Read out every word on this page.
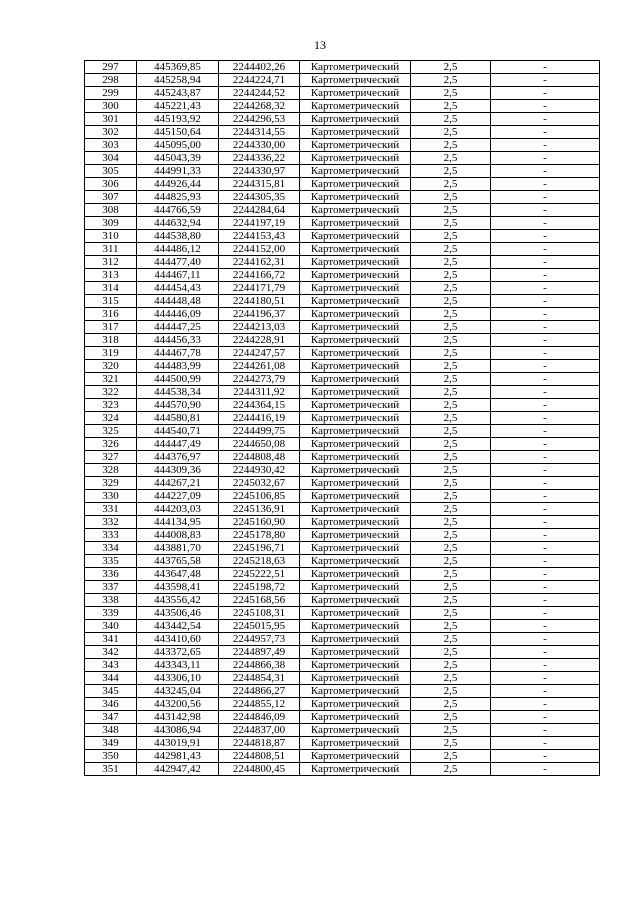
13
297	445369,85	2244402,26	Картометрический	2,5	-
298	445258,94	2244224,71	Картометрический	2,5	-
299	445243,87	2244244,52	Картометрический	2,5	-
300	445221,43	2244268,32	Картометрический	2,5	-
301	445193,92	2244296,53	Картометрический	2,5	-
302	445150,64	2244314,55	Картометрический	2,5	-
303	445095,00	2244330,00	Картометрический	2,5	-
304	445043,39	2244336,22	Картометрический	2,5	-
305	444991,33	2244330,97	Картометрический	2,5	-
306	444926,44	2244315,81	Картометрический	2,5	-
307	444825,93	2244305,35	Картометрический	2,5	-
308	444766,59	2244284,64	Картометрический	2,5	-
309	444632,94	2244197,19	Картометрический	2,5	-
310	444538,80	2244153,43	Картометрический	2,5	-
311	444486,12	2244152,00	Картометрический	2,5	-
312	444477,40	2244162,31	Картометрический	2,5	-
313	444467,11	2244166,72	Картометрический	2,5	-
314	444454,43	2244171,79	Картометрический	2,5	-
315	444448,48	2244180,51	Картометрический	2,5	-
316	444446,09	2244196,37	Картометрический	2,5	-
317	444447,25	2244213,03	Картометрический	2,5	-
318	444456,33	2244228,91	Картометрический	2,5	-
319	444467,78	2244247,57	Картометрический	2,5	-
320	444483,99	2244261,08	Картометрический	2,5	-
321	444500,99	2244273,79	Картометрический	2,5	-
322	444538,34	2244311,92	Картометрический	2,5	-
323	444570,90	2244364,15	Картометрический	2,5	-
324	444580,81	2244416,19	Картометрический	2,5	-
325	444540,71	2244499,75	Картометрический	2,5	-
326	444447,49	2244650,08	Картометрический	2,5	-
327	444376,97	2244808,48	Картометрический	2,5	-
328	444309,36	2244930,42	Картометрический	2,5	-
329	444267,21	2245032,67	Картометрический	2,5	-
330	444227,09	2245106,85	Картометрический	2,5	-
331	444203,03	2245136,91	Картометрический	2,5	-
332	444134,95	2245160,90	Картометрический	2,5	-
333	444008,83	2245178,80	Картометрический	2,5	-
334	443881,70	2245196,71	Картометрический	2,5	-
335	443765,58	2245218,63	Картометрический	2,5	-
336	443647,48	2245222,51	Картометрический	2,5	-
337	443598,41	2245198,72	Картометрический	2,5	-
338	443556,42	2245168,56	Картометрический	2,5	-
339	443506,46	2245108,31	Картометрический	2,5	-
340	443442,54	2245015,95	Картометрический	2,5	-
341	443410,60	2244957,73	Картометрический	2,5	-
342	443372,65	2244897,49	Картометрический	2,5	-
343	443343,11	2244866,38	Картометрический	2,5	-
344	443306,10	2244854,31	Картометрический	2,5	-
345	443245,04	2244866,27	Картометрический	2,5	-
346	443200,56	2244855,12	Картометрический	2,5	-
347	443142,98	2244846,09	Картометрический	2,5	-
348	443086,94	2244837,00	Картометрический	2,5	-
349	443019,91	2244818,87	Картометрический	2,5	-
350	442981,43	2244808,51	Картометрический	2,5	-
351	442947,42	2244800,45	Картометрический	2,5	-
